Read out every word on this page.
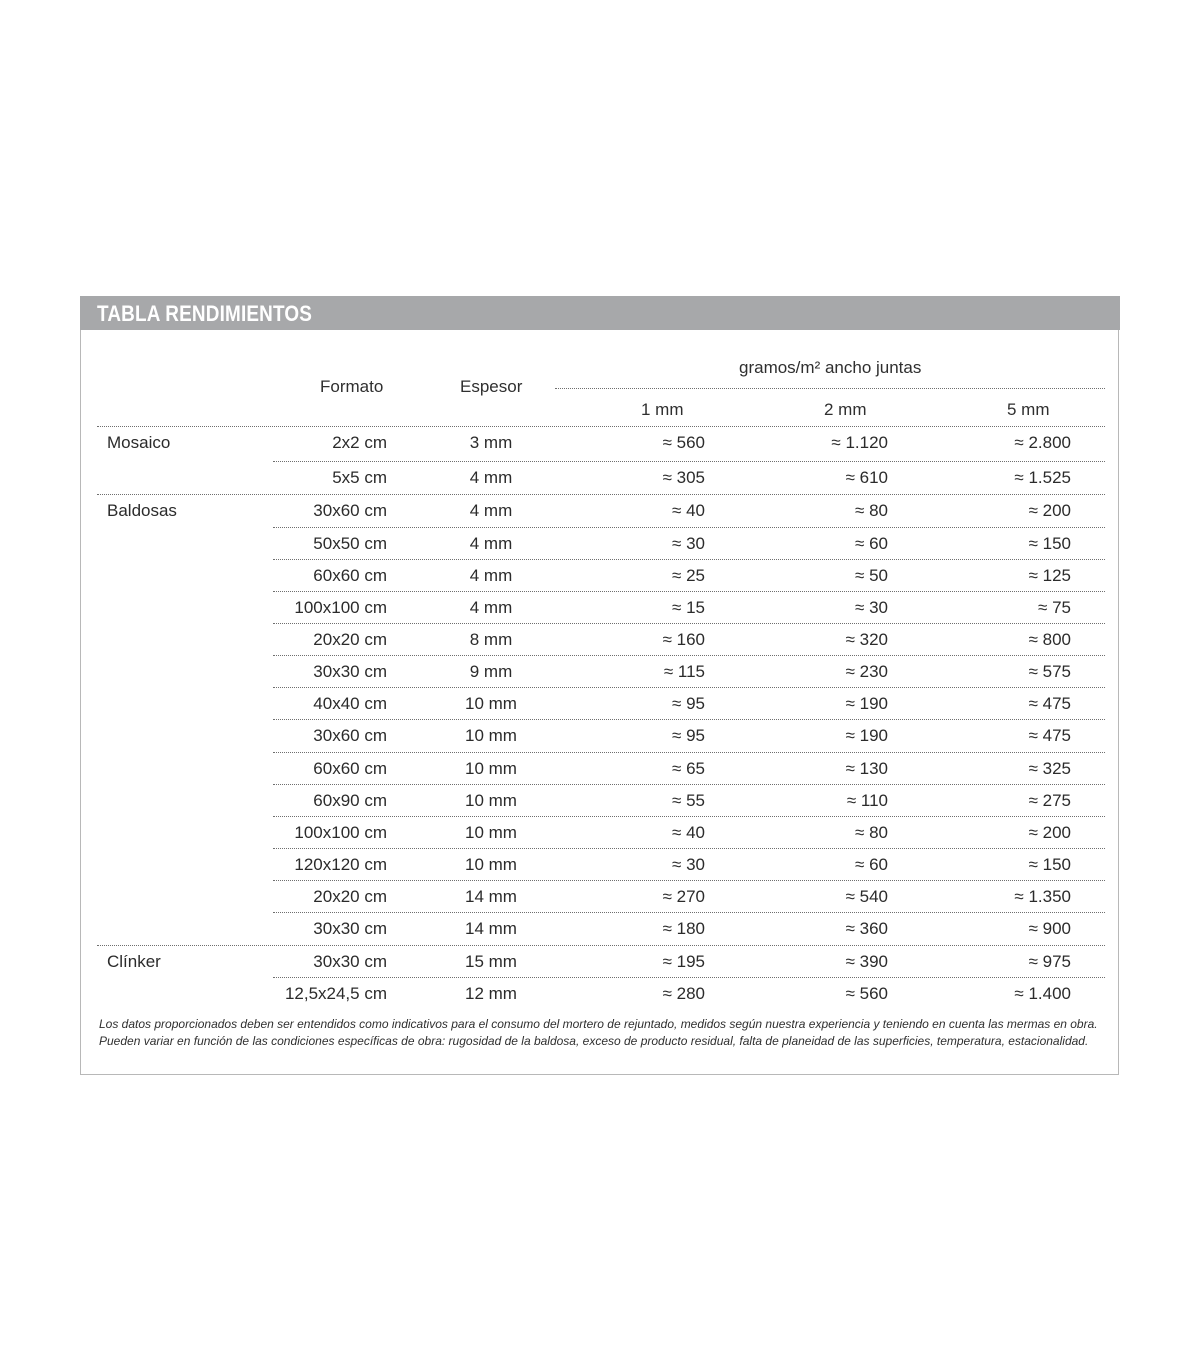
TABLA RENDIMIENTOS
Formato	Espesor
gramos/m² ancho juntas
1 mm	2 mm	5 mm
Mosaico	2x2 cm	3 mm	≈ 560	≈ 1.120	≈ 2.800
5x5 cm	4 mm	≈ 305	≈ 610	≈ 1.525
Baldosas	30x60 cm	4 mm	≈ 40	≈ 80	≈ 200
50x50 cm	4 mm	≈ 30	≈ 60	≈ 150
60x60 cm	4 mm	≈ 25	≈ 50	≈ 125
100x100 cm	4 mm	≈ 15	≈ 30	≈ 75
20x20 cm	8 mm	≈ 160	≈ 320	≈ 800
30x30 cm	9 mm	≈ 115	≈ 230	≈ 575
40x40 cm	10 mm	≈ 95	≈ 190	≈ 475
30x60 cm	10 mm	≈ 95	≈ 190	≈ 475
60x60 cm	10 mm	≈ 65	≈ 130	≈ 325
60x90 cm	10 mm	≈ 55	≈ 110	≈ 275
100x100 cm	10 mm	≈ 40	≈ 80	≈ 200
120x120 cm	10 mm	≈ 30	≈ 60	≈ 150
20x20 cm	14 mm	≈ 270	≈ 540	≈ 1.350
30x30 cm	14 mm	≈ 180	≈ 360	≈ 900
Clínker	30x30 cm	15 mm	≈ 195	≈ 390	≈ 975
12,5x24,5 cm	12 mm	≈ 280	≈ 560	≈ 1.400
Los datos proporcionados deben ser entendidos como indicativos para el consumo del mortero de rejuntado, medidos según nuestra experiencia y teniendo en cuenta las mermas en obra. Pueden variar en función de las condiciones específicas de obra: rugosidad de la baldosa, exceso de producto residual, falta de planeidad de las superficies, temperatura, estacionalidad.
